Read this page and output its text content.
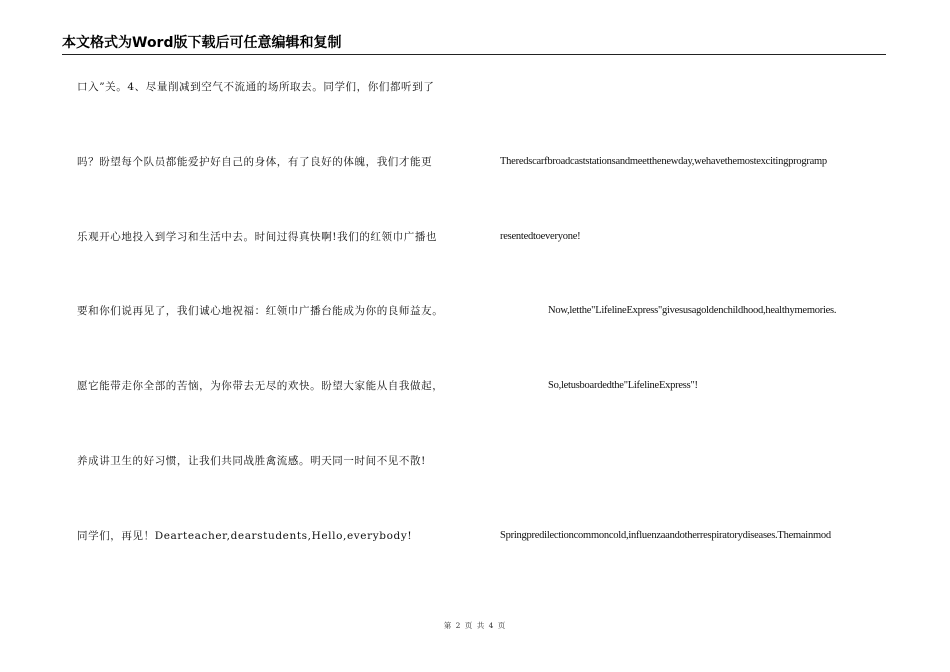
本文格式为Word版下载后可任意编辑和复制
口入”关。4、尽量削减到空气不流通的场所取去。同学们，你们都听到了
吗？盼望每个队员都能爱护好自己的身体，有了良好的体魄，我们才能更
乐观开心地投入到学习和生活中去。时间过得真快啊!我们的红领巾广播也
要和你们说再见了，我们诚心地祝福：红领巾广播台能成为你的良师益友。
愿它能带走你全部的苦恼，为你带去无尽的欢快。盼望大家能从自我做起，
养成讲卫生的好习惯，让我们共同战胜禽流感。明天同一时间不见不散!
同学们，再见！Dearteacher,dearstudents,Hello,everybody!
Theredscarfbroadcaststationsandmeetthenewday,wehavethemostexcitingprogramp
resentedtoeveryone!
Now,letthe"LifelineExpress"givesusagoldenchildhood,healthymemories.
So,letusboardedthe"LifelineExpress"!
Springpredilectioncommoncold,influenzaandotherrespiratorydiseases.Themainmod
第 2 页 共 4 页
